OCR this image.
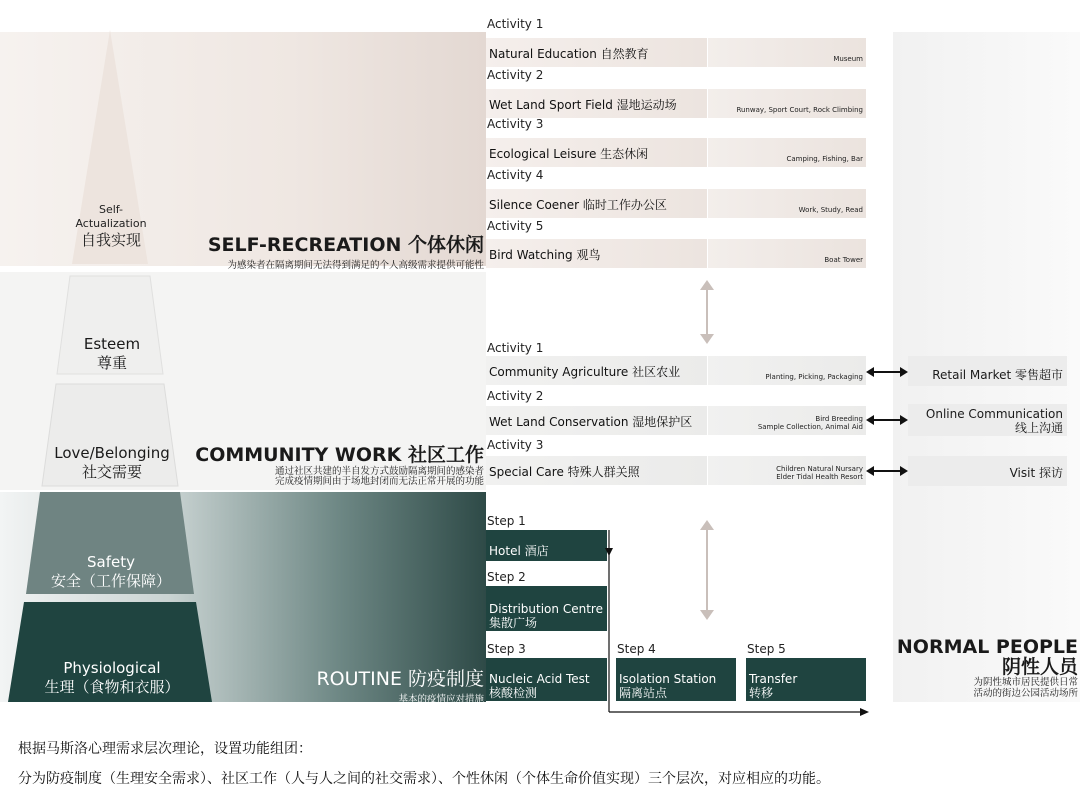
Self-
Actualization
自我实现
Esteem
尊重
Love/Belonging
社交需要
Safety
安全（工作保障）
Physiological
生理（食物和衣服）
SELF-RECREATION 个体休闲
为感染者在隔离期间无法得到满足的个人高级需求提供可能性
COMMUNITY WORK 社区工作
通过社区共建的半自发方式鼓励隔离期间的感染者
完成疫情期间由于场地封闭而无法正常开展的功能
ROUTINE 防疫制度
基本的疫情应对措施
Activity 1
Natural Education 自然教育	Museum
Activity 2
Wet Land Sport Field 湿地运动场	Runway, Sport Court, Rock Climbing
Activity 3
Ecological Leisure 生态休闲	Camping, Fishing, Bar
Activity 4
Silence Coener 临时工作办公区	Work, Study, Read
Activity 5
Bird Watching 观鸟	Boat Tower
Activity 1
Community Agriculture 社区农业	Planting, Picking, Packaging
Activity 2
Wet Land Conservation 湿地保护区	Bird Breeding
Sample Collection, Animal Aid
Activity 3
Special Care 特殊人群关照	Children Natural Nursary
Elder Tidal Health Resort
Retail Market 零售超市
Online Communication
线上沟通
Visit 探访
NORMAL PEOPLE
阴性人员
为阴性城市居民提供日常
活动的街边公园活动场所
Step 1
Hotel 酒店
Step 2
Distribution Centre
集散广场
Step 3
Nucleic Acid Test
核酸检测
Step 4
Isolation Station
隔离站点
Step 5
Transfer
转移
根据马斯洛心理需求层次理论，设置功能组团：
分为防疫制度（生理安全需求）、社区工作（人与人之间的社交需求）、个性休闲（个体生命价值实现）三个层次，对应相应的功能。
